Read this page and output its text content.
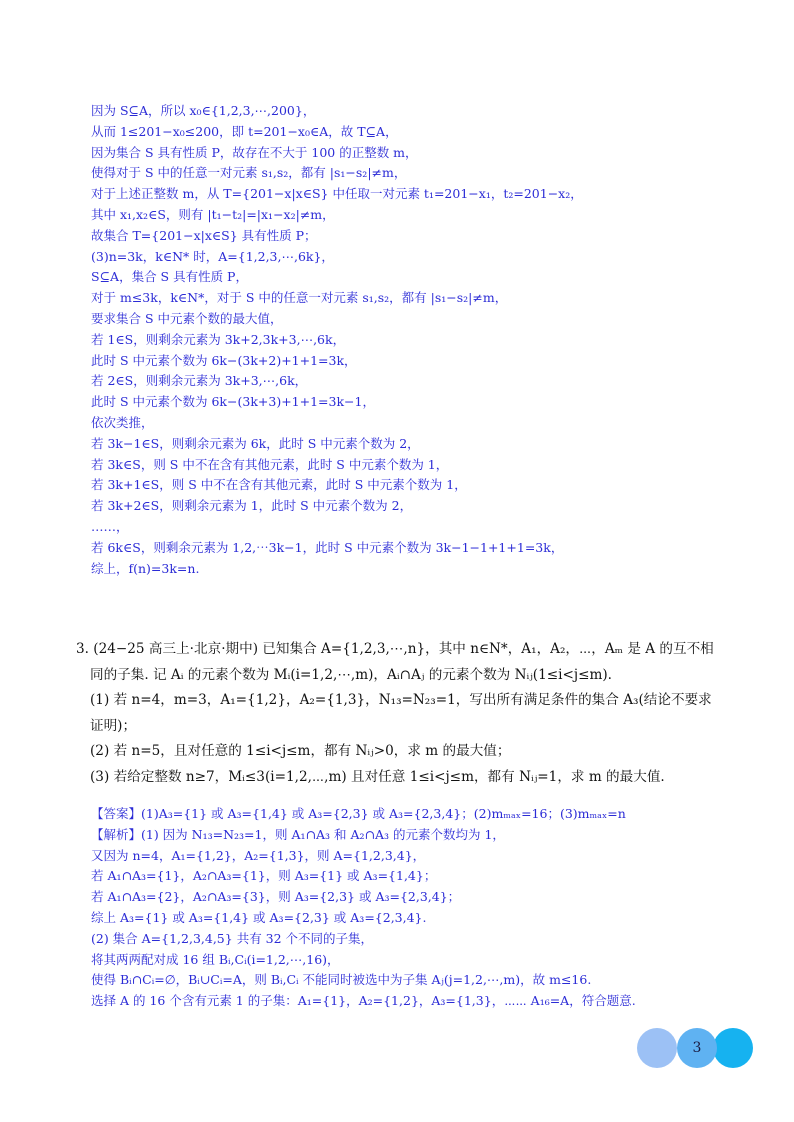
因为 S⊆A，所以 x₀∈{1,2,3,⋯,200}，
从而 1≤201−x₀≤200，即 t=201−x₀∈A，故 T⊆A，
因为集合 S 具有性质 P，故存在不大于 100 的正整数 m，
使得对于 S 中的任意一对元素 s₁,s₂，都有 |s₁−s₂|≠m，
对于上述正整数 m，从 T={201−x|x∈S} 中任取一对元素 t₁=201−x₁，t₂=201−x₂，
其中 x₁,x₂∈S，则有 |t₁−t₂|=|x₁−x₂|≠m，
故集合 T={201−x|x∈S} 具有性质 P；
(3)n=3k，k∈N* 时，A={1,2,3,⋯,6k}，
S⊆A，集合 S 具有性质 P，
对于 m≤3k，k∈N*，对于 S 中的任意一对元素 s₁,s₂，都有 |s₁−s₂|≠m，
要求集合 S 中元素个数的最大值，
若 1∈S，则剩余元素为 3k+2,3k+3,⋯,6k，
此时 S 中元素个数为 6k−(3k+2)+1+1=3k，
若 2∈S，则剩余元素为 3k+3,⋯,6k，
此时 S 中元素个数为 6k−(3k+3)+1+1=3k−1，
依次类推，
若 3k−1∈S，则剩余元素为 6k，此时 S 中元素个数为 2，
若 3k∈S，则 S 中不在含有其他元素，此时 S 中元素个数为 1，
若 3k+1∈S，则 S 中不在含有其他元素，此时 S 中元素个数为 1，
若 3k+2∈S，则剩余元素为 1，此时 S 中元素个数为 2，
……，
若 6k∈S，则剩余元素为 1,2,⋯3k−1，此时 S 中元素个数为 3k−1−1+1+1=3k，
综上，f(n)=3k=n.
3. (24−25 高三上·北京·期中) 已知集合 A={1,2,3,⋯,n}，其中 n∈N*，A₁，A₂，⋯，Aₘ 是 A 的互不相
同的子集. 记 Aᵢ 的元素个数为 Mᵢ(i=1,2,⋯,m)，Aᵢ∩Aⱼ 的元素个数为 Nᵢⱼ(1≤i<j≤m).
(1) 若 n=4，m=3，A₁={1,2}，A₂={1,3}，N₁₃=N₂₃=1，写出所有满足条件的集合 A₃(结论不要求
证明)；
(2) 若 n=5，且对任意的 1≤i<j≤m，都有 Nᵢⱼ>0，求 m 的最大值；
(3) 若给定整数 n≥7，Mᵢ≤3(i=1,2,⋯,m) 且对任意 1≤i<j≤m，都有 Nᵢⱼ=1，求 m 的最大值.
【答案】(1)A₃={1} 或 A₃={1,4} 或 A₃={2,3} 或 A₃={2,3,4}；(2)mₘₐₓ=16；(3)mₘₐₓ=n
【解析】(1) 因为 N₁₃=N₂₃=1，则 A₁∩A₃ 和 A₂∩A₃ 的元素个数均为 1，
又因为 n=4，A₁={1,2}，A₂={1,3}，则 A={1,2,3,4}，
若 A₁∩A₃={1}，A₂∩A₃={1}，则 A₃={1} 或 A₃={1,4}；
若 A₁∩A₃={2}，A₂∩A₃={3}，则 A₃={2,3} 或 A₃={2,3,4}；
综上 A₃={1} 或 A₃={1,4} 或 A₃={2,3} 或 A₃={2,3,4}.
(2) 集合 A={1,2,3,4,5} 共有 32 个不同的子集，
将其两两配对成 16 组 Bᵢ,Cᵢ(i=1,2,⋯,16)，
使得 Bᵢ∩Cᵢ=∅，Bᵢ∪Cᵢ=A，则 Bᵢ,Cᵢ 不能同时被选中为子集 Aⱼ(j=1,2,⋯,m)，故 m≤16.
选择 A 的 16 个含有元素 1 的子集：A₁={1}，A₂={1,2}，A₃={1,3}，⋯⋯ A₁₆=A，符合题意.
3
